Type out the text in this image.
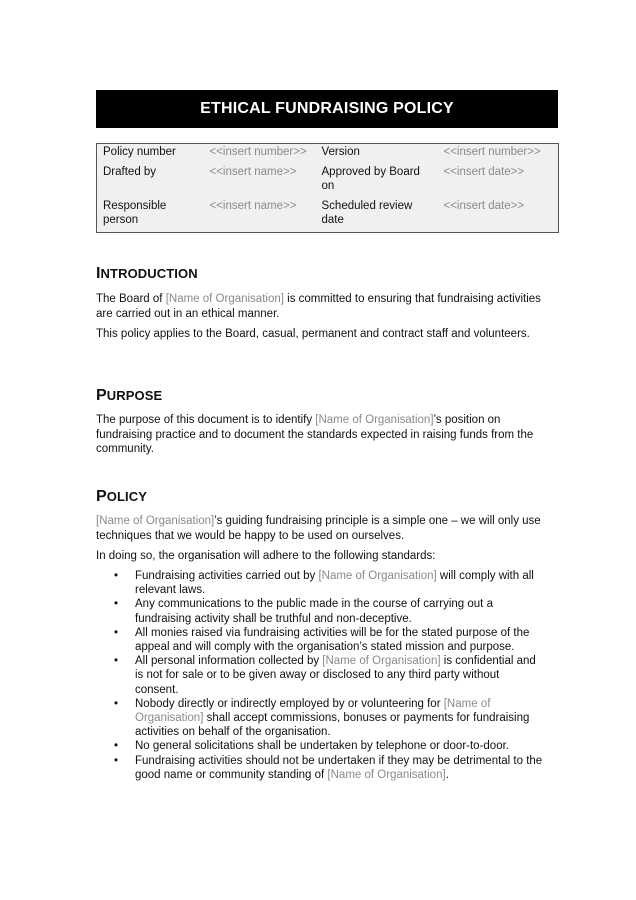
ETHICAL FUNDRAISING POLICY
Policy number	<<insert number>>	Version	<<insert number>>
Drafted by	<<insert name>>	Approved by Board on	<<insert date>>
Responsible person	<<insert name>>	Scheduled review date	<<insert date>>
INTRODUCTION

The Board of [Name of Organisation] is committed to ensuring that fundraising activities are carried out in an ethical manner.

This policy applies to the Board, casual, permanent and contract staff and volunteers.

PURPOSE

The purpose of this document is to identify [Name of Organisation]’s position on fundraising practice and to document the standards expected in raising funds from the community.

POLICY

[Name of Organisation]’s guiding fundraising principle is a simple one – we will only use techniques that we would be happy to be used on ourselves.

In doing so, the organisation will adhere to the following standards:

• Fundraising activities carried out by [Name of Organisation] will comply with all relevant laws.
• Any communications to the public made in the course of carrying out a fundraising activity shall be truthful and non-deceptive.
• All monies raised via fundraising activities will be for the stated purpose of the appeal and will comply with the organisation’s stated mission and purpose.
• All personal information collected by [Name of Organisation] is confidential and is not for sale or to be given away or disclosed to any third party without consent.
• Nobody directly or indirectly employed by or volunteering for [Name of Organisation] shall accept commissions, bonuses or payments for fundraising activities on behalf of the organisation.
• No general solicitations shall be undertaken by telephone or door-to-door.
• Fundraising activities should not be undertaken if they may be detrimental to the good name or community standing of [Name of Organisation].
